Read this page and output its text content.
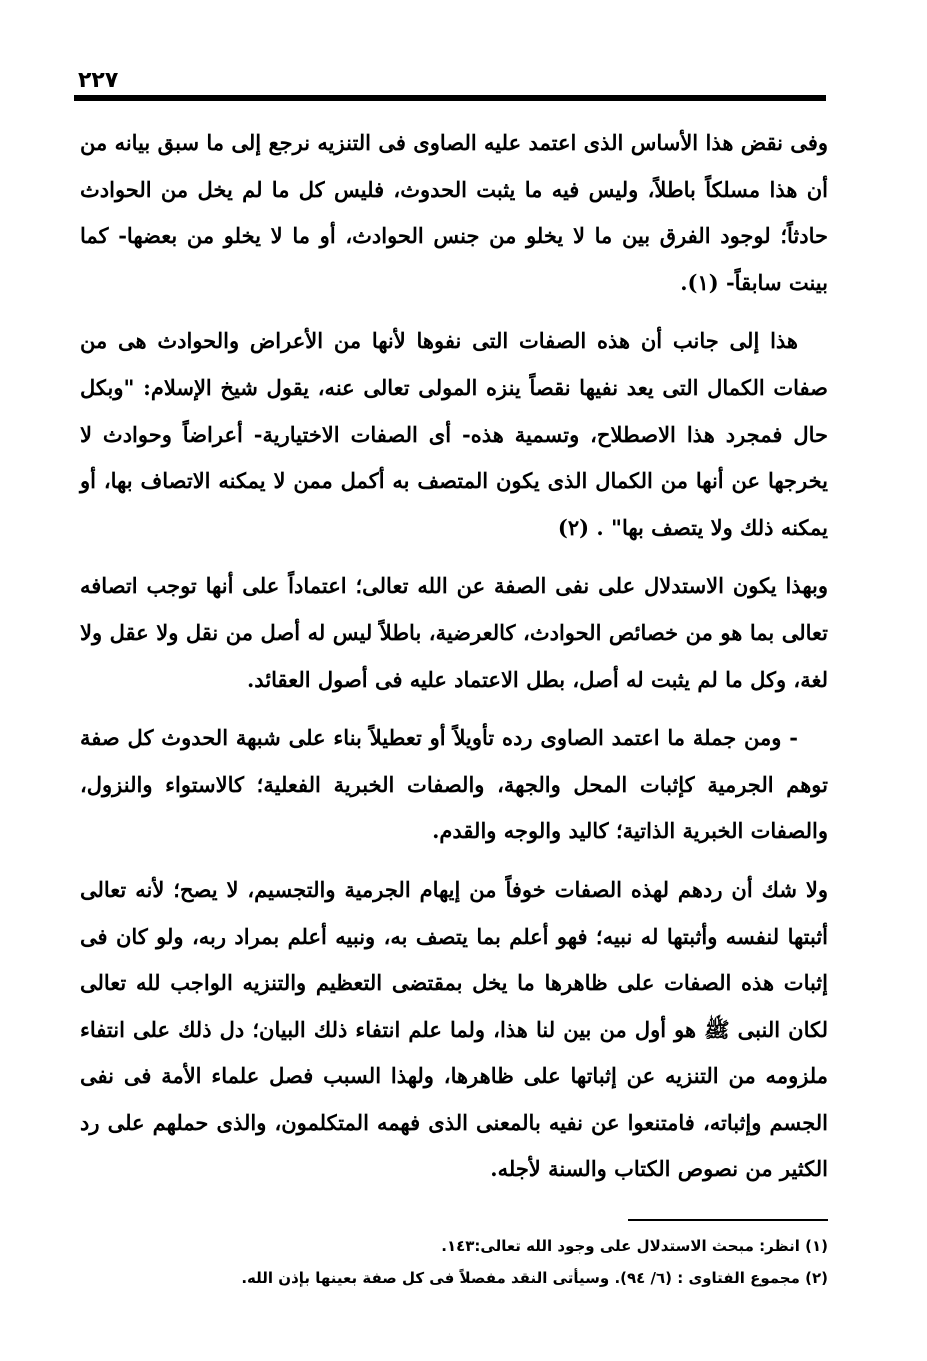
٢٢٧

وفى نقض هذا الأساس الذى اعتمد عليه الصاوى فى التنزيه نرجع إلى ما سبق بيانه من أن هذا مسلكاً باطلاً، وليس فيه ما يثبت الحدوث، فليس كل ما لم يخل من الحوادث حادثاً؛ لوجود الفرق بين ما لا يخلو من جنس الحوادث، أو ما لا يخلو من بعضها- كما بينت سابقاً- (١).

هذا إلى جانب أن هذه الصفات التى نفوها لأنها من الأعراض والحوادث هى من صفات الكمال التى يعد نفيها نقصاً ينزه المولى تعالى عنه، يقول شيخ الإسلام: "وبكل حال فمجرد هذا الاصطلاح، وتسمية هذه- أى الصفات الاختيارية- أعراضاً وحوادث لا يخرجها عن أنها من الكمال الذى يكون المتصف به أكمل ممن لا يمكنه الاتصاف بها، أو يمكنه ذلك ولا يتصف بها" . (٢)

وبهذا يكون الاستدلال على نفى الصفة عن الله تعالى؛ اعتماداً على أنها توجب اتصافه تعالى بما هو من خصائص الحوادث، كالعرضية، باطلاً ليس له أصل من نقل ولا عقل ولا لغة، وكل ما لم يثبت له أصل، بطل الاعتماد عليه فى أصول العقائد.

- ومن جملة ما اعتمد الصاوى رده تأويلاً أو تعطيلاً بناء على شبهة الحدوث كل صفة توهم الجرمية كإثبات المحل والجهة، والصفات الخبرية الفعلية؛ كالاستواء والنزول، والصفات الخبرية الذاتية؛ كاليد والوجه والقدم.

ولا شك أن ردهم لهذه الصفات خوفاً من إيهام الجرمية والتجسيم، لا يصح؛ لأنه تعالى أثبتها لنفسه وأثبتها له نبيه؛ فهو أعلم بما يتصف به، ونبيه أعلم بمراد ربه، ولو كان فى إثبات هذه الصفات على ظاهرها ما يخل بمقتضى التعظيم والتنزيه الواجب لله تعالى لكان النبى ﷺ هو أول من بين لنا هذا، ولما علم انتفاء ذلك البيان؛ دل ذلك على انتفاء ملزومه من التنزيه عن إثباتها على ظاهرها، ولهذا السبب فصل علماء الأمة فى نفى الجسم وإثباته، فامتنعوا عن نفيه بالمعنى الذى فهمه المتكلمون، والذى حملهم على رد الكثير من نصوص الكتاب والسنة لأجله.

(١) انظر: مبحث الاستدلال على وجود الله تعالى:١٤٣.
(٢) مجموع الفتاوى : (٦/ ٩٤). وسيأتى النقد مفصلاً فى كل صفة بعينها بإذن الله.
